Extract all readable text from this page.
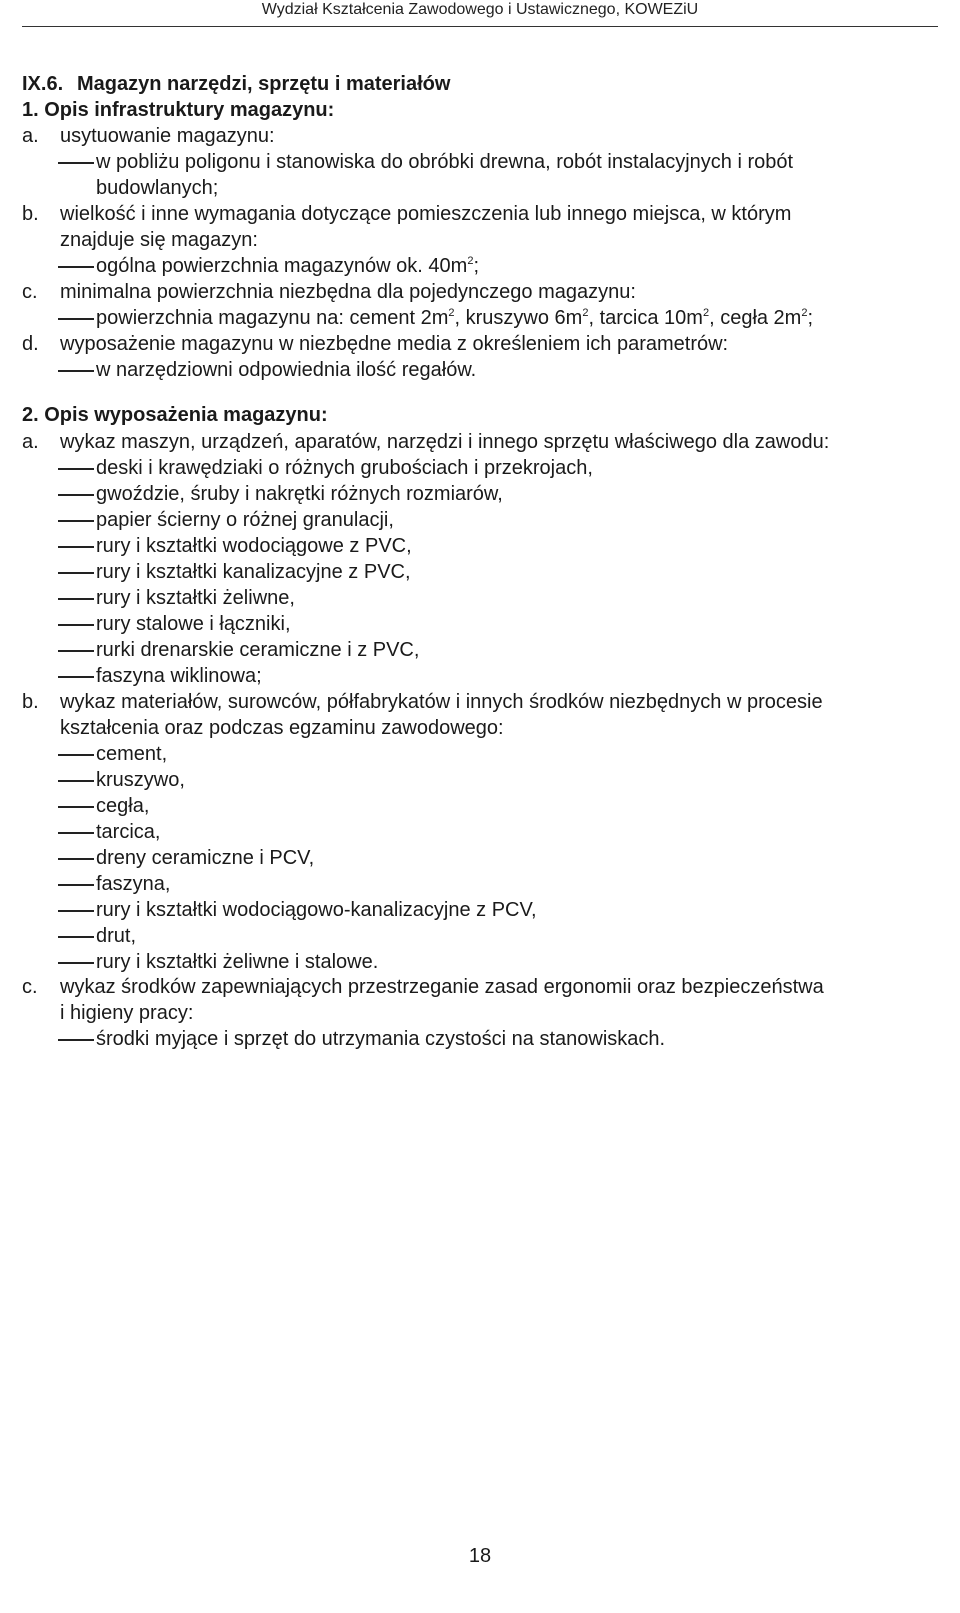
Wydział Kształcenia Zawodowego i Ustawicznego, KOWEZiU
IX.6. Magazyn narzędzi, sprzętu i materiałów
1. Opis infrastruktury magazynu:
a. usytuowanie magazynu:
w pobliżu poligonu i stanowiska do obróbki drewna, robót instalacyjnych i robót
budowlanych;
b. wielkość i inne wymagania dotyczące pomieszczenia lub innego miejsca, w którym
znajduje się magazyn:
ogólna powierzchnia magazynów ok. $40m^2$;
c. minimalna powierzchnia niezbędna dla pojedynczego magazynu:
powierzchnia magazynu na: cement $2m^2$, kruszywo $6m^2$, tarcica $10m^2$, cegła $2m^2$;
d. wyposażenie magazynu w niezbędne media z określeniem ich parametrów:
w narzędziowni odpowiednia ilość regałów.
2. Opis wyposażenia magazynu:
a. wykaz maszyn, urządzeń, aparatów, narzędzi i innego sprzętu właściwego dla zawodu:
deski i krawędziaki o różnych grubościach i przekrojach,
gwoździe, śruby i nakrętki różnych rozmiarów,
papier ścierny o różnej granulacji,
rury i kształtki wodociągowe z PVC,
rury i kształtki kanalizacyjne z PVC,
rury i kształtki żeliwne,
rury stalowe i łączniki,
rurki drenarskie ceramiczne i z PVC,
faszyna wiklinowa;
b. wykaz materiałów, surowców, półfabrykatów i innych środków niezbędnych w procesie
kształcenia oraz podczas egzaminu zawodowego:
cement,
kruszywo,
cegła,
tarcica,
dreny ceramiczne i PCV,
faszyna,
rury i kształtki wodociągowo-kanalizacyjne z PCV,
drut,
rury i kształtki żeliwne i stalowe.
c. wykaz środków zapewniających przestrzeganie zasad ergonomii oraz bezpieczeństwa
i higieny pracy:
środki myjące i sprzęt do utrzymania czystości na stanowiskach.
18
